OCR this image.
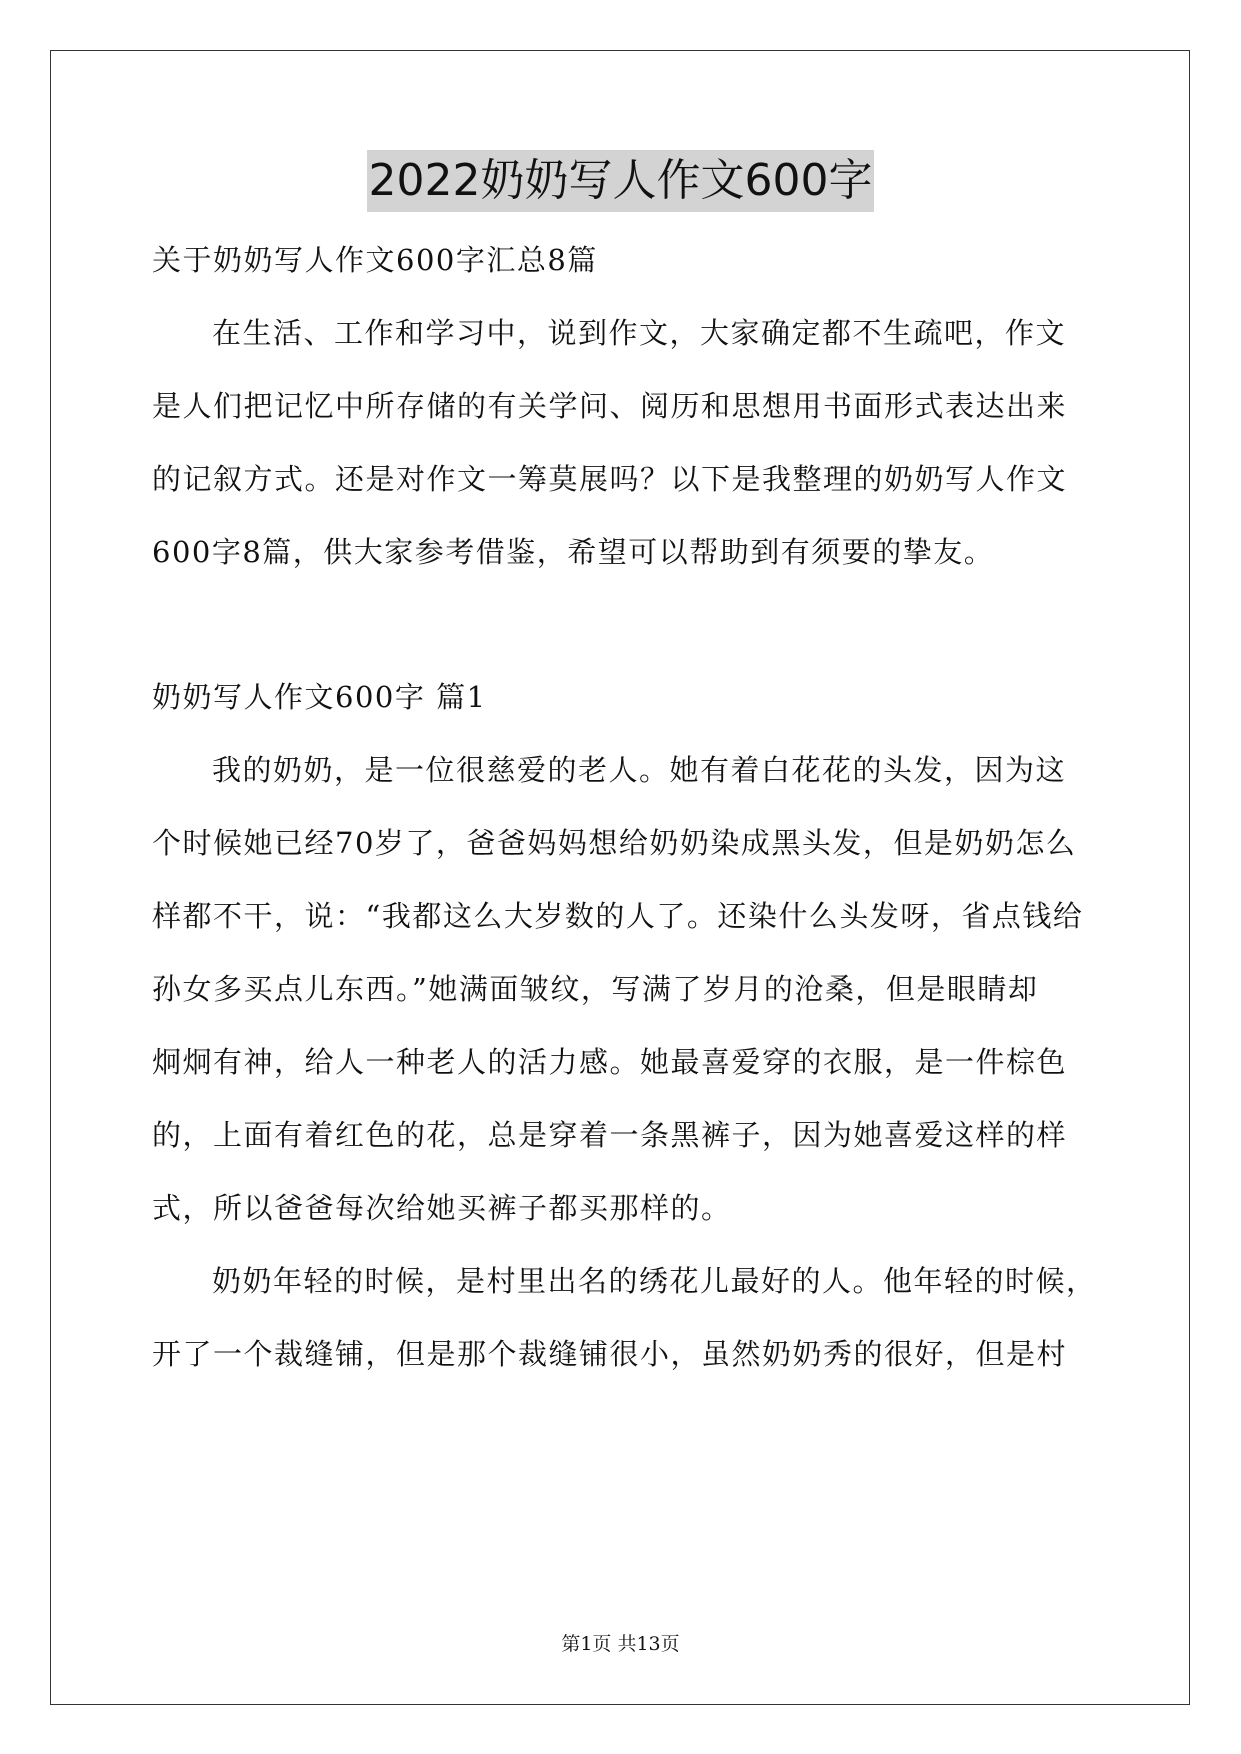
2022奶奶写人作文600字
关于奶奶写人作文600字汇总8篇
在生活、工作和学习中，说到作文，大家确定都不生疏吧，作文
是人们把记忆中所存储的有关学问、阅历和思想用书面形式表达出来
的记叙方式。还是对作文一筹莫展吗？以下是我整理的奶奶写人作文
600字8篇，供大家参考借鉴，希望可以帮助到有须要的挚友。
奶奶写人作文600字 篇1
我的奶奶，是一位很慈爱的老人。她有着白花花的头发，因为这
个时候她已经70岁了，爸爸妈妈想给奶奶染成黑头发，但是奶奶怎么
样都不干，说：“我都这么大岁数的人了。还染什么头发呀，省点钱给
孙女多买点儿东西。”她满面皱纹，写满了岁月的沧桑，但是眼睛却
炯炯有神，给人一种老人的活力感。她最喜爱穿的衣服，是一件棕色
的，上面有着红色的花，总是穿着一条黑裤子，因为她喜爱这样的样
式，所以爸爸每次给她买裤子都买那样的。
奶奶年轻的时候，是村里出名的绣花儿最好的人。他年轻的时候，
开了一个裁缝铺，但是那个裁缝铺很小，虽然奶奶秀的很好，但是村
第1页 共13页
